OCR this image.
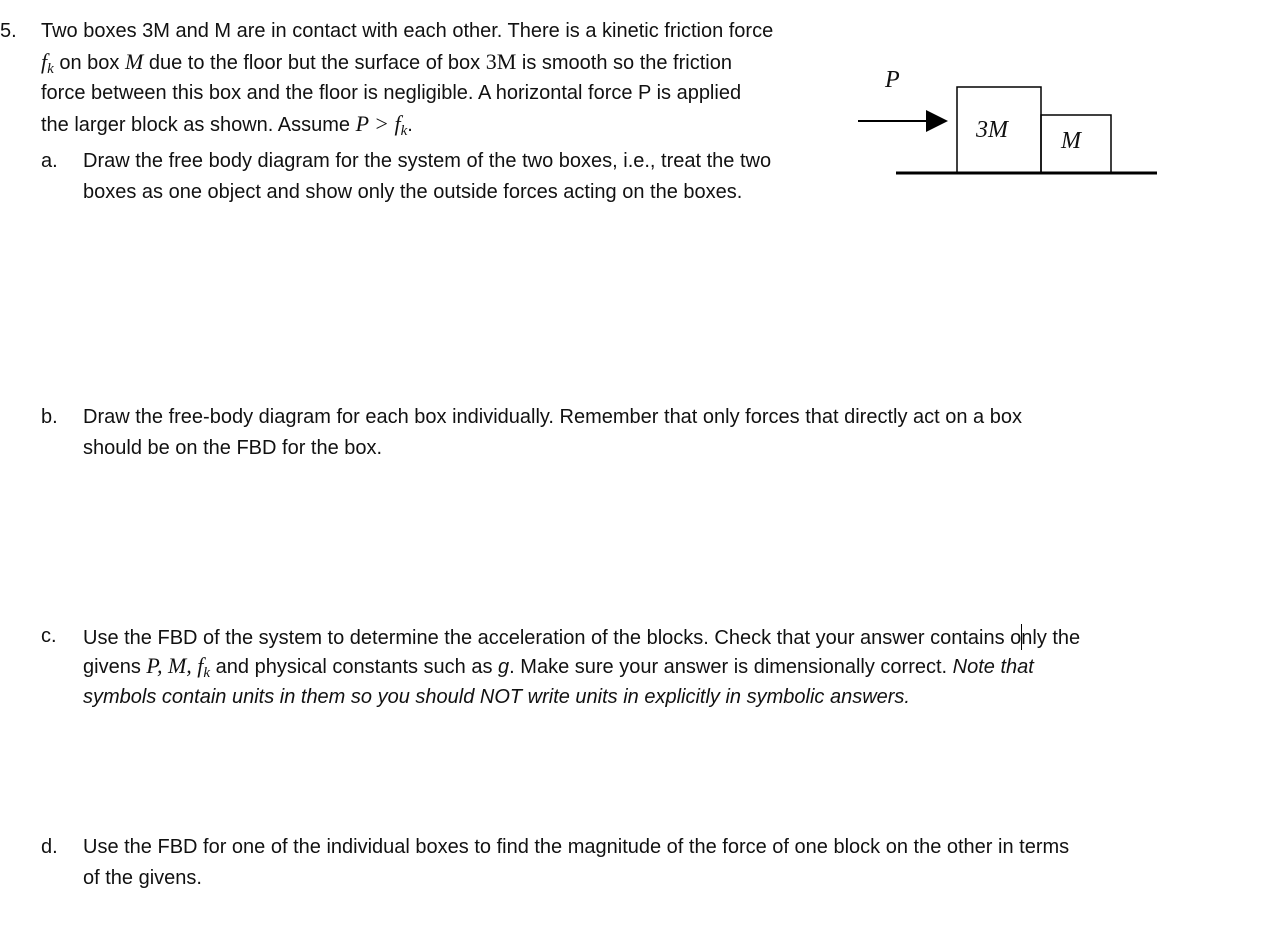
5. Two boxes 3M and M are in contact with each other. There is a kinetic friction force
$f_k$ on box M due to the floor but the surface of box 3M is smooth so the friction
force between this box and the floor is negligible. A horizontal force P is applied
the larger block as shown. Assume $P > f_k$.
P
3M M
a. Draw the free body diagram for the system of the two boxes, i.e., treat the two
boxes as one object and show only the outside forces acting on the boxes.
b. Draw the free-body diagram for each box individually. Remember that only forces that directly act on a box
should be on the FBD for the box.
c. Use the FBD of the system to determine the acceleration of the blocks. Check that your answer contains only the
givens P, M, $f_k$ and physical constants such as g. Make sure your answer is dimensionally correct. Note that
symbols contain units in them so you should NOT write units in explicitly in symbolic answers.
d. Use the FBD for one of the individual boxes to find the magnitude of the force of one block on the other in terms
of the givens.
